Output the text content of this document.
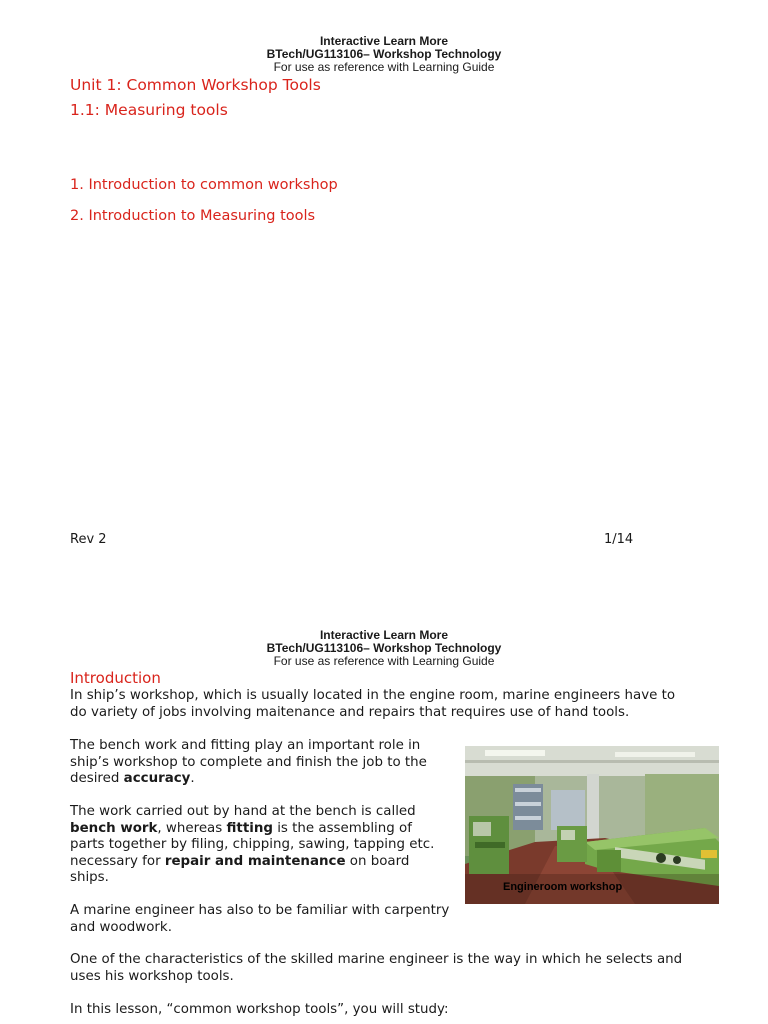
Interactive Learn More
BTech/UG113106– Workshop Technology
For use as reference with Learning Guide
Unit 1: Common Workshop Tools
1.1: Measuring tools
1. Introduction to common workshop
2. Introduction to Measuring tools
Rev 2	1/14
Interactive Learn More
BTech/UG113106– Workshop Technology
For use as reference with Learning Guide
Introduction
In ship’s workshop, which is usually located in the engine room, marine engineers have to
do variety of jobs involving maitenance and repairs that requires use of hand tools.
The bench work and fitting play an important role in
ship’s workshop to complete and finish the job to the
desired accuracy.
The work carried out by hand at the bench is called
bench work, whereas fitting is the assembling of
parts together by filing, chipping, sawing, tapping etc.
necessary for repair and maintenance on board
ships.
A marine engineer has also to be familiar with carpentry
and woodwork.
One of the characteristics of the skilled marine engineer is the way in which he selects and
uses his workshop tools.
In this lesson, “common workshop tools”, you will study:
Engineroom workshop
